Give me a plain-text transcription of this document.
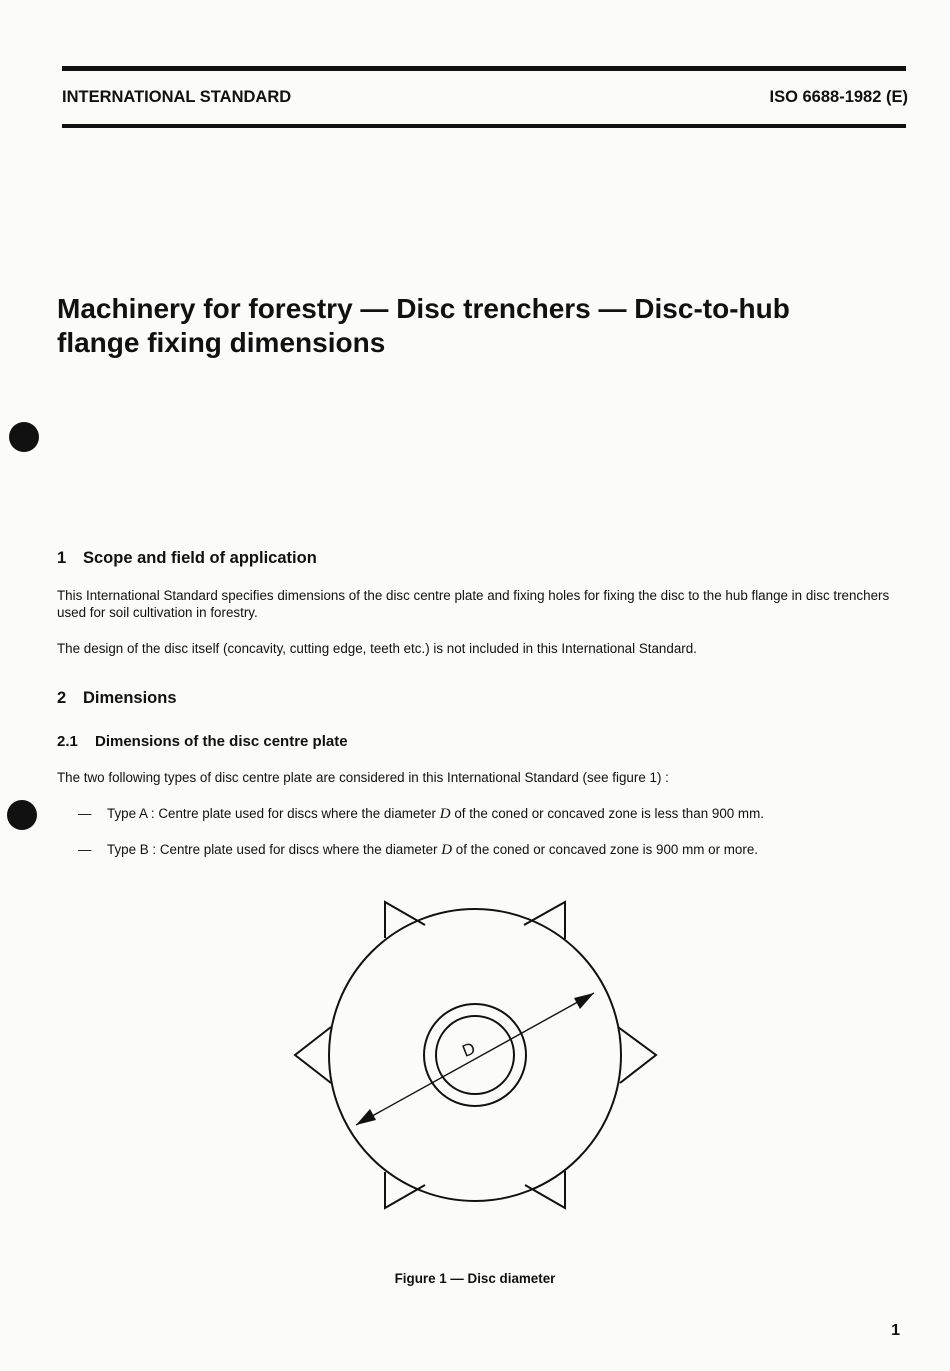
INTERNATIONAL STANDARD	ISO 6688-1982 (E)
Machinery for forestry — Disc trenchers — Disc-to-hub
flange fixing dimensions
1 Scope and field of application

This International Standard specifies dimensions of the disc centre plate and fixing holes for fixing the disc to the hub flange in disc trenchers used for soil cultivation in forestry.

The design of the disc itself (concavity, cutting edge, teeth etc.) is not included in this International Standard.

2 Dimensions
2.1 Dimensions of the disc centre plate

The two following types of disc centre plate are considered in this International Standard (see figure 1) :

— Type A : Centre plate used for discs where the diameter D of the coned or concaved zone is less than 900 mm.

— Type B : Centre plate used for discs where the diameter D of the coned or concaved zone is 900 mm or more.

D

Figure 1 — Disc diameter

1
